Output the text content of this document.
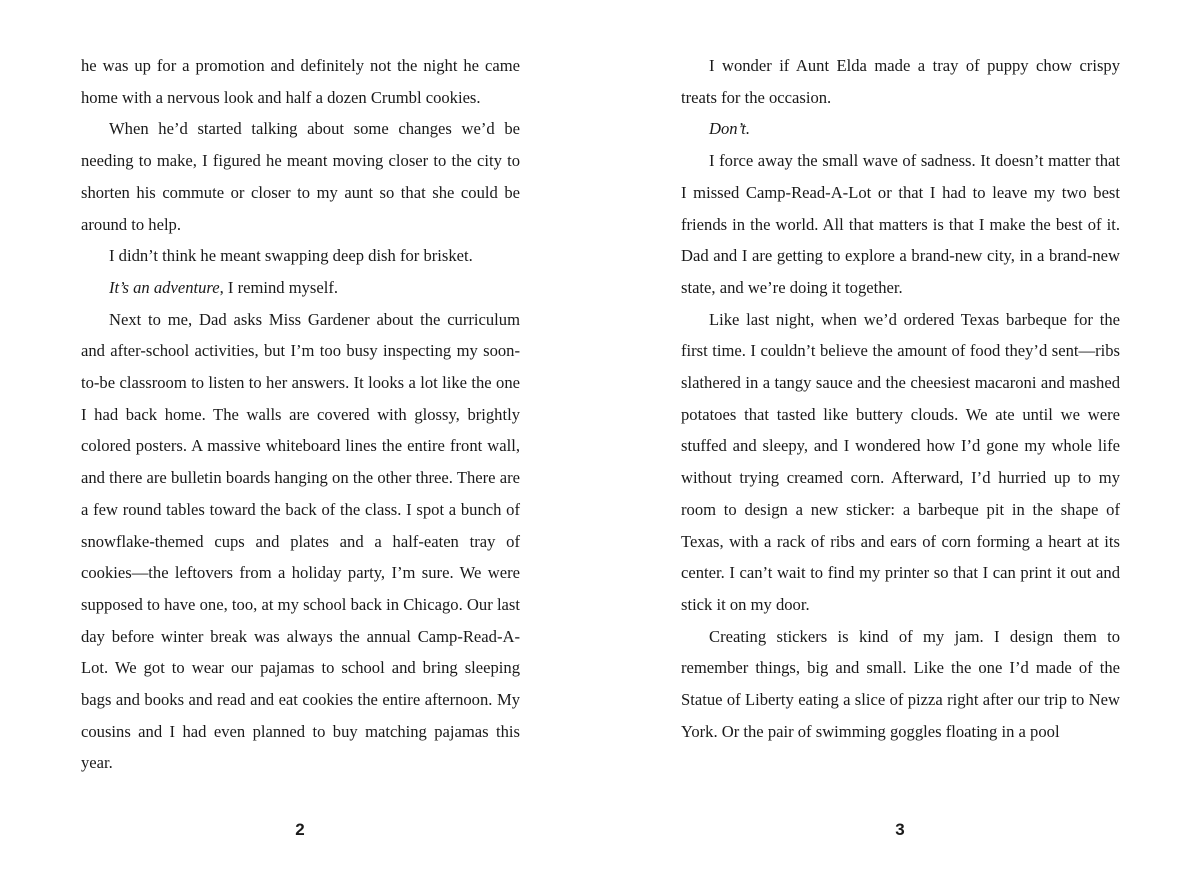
he was up for a promotion and definitely not the night he came home with a nervous look and half a dozen Crumbl cookies.

When he’d started talking about some changes we’d be needing to make, I figured he meant moving closer to the city to shorten his commute or closer to my aunt so that she could be around to help.

I didn’t think he meant swapping deep dish for brisket.

It’s an adventure, I remind myself.

Next to me, Dad asks Miss Gardener about the curriculum and after-school activities, but I’m too busy inspecting my soon-to-be classroom to listen to her answers. It looks a lot like the one I had back home. The walls are covered with glossy, brightly colored posters. A massive whiteboard lines the entire front wall, and there are bulletin boards hanging on the other three. There are a few round tables toward the back of the class. I spot a bunch of snowflake-themed cups and plates and a half-eaten tray of cookies—the leftovers from a holiday party, I’m sure. We were supposed to have one, too, at my school back in Chicago. Our last day before winter break was always the annual Camp-Read-A-Lot. We got to wear our pajamas to school and bring sleeping bags and books and read and eat cookies the entire afternoon. My cousins and I had even planned to buy matching pajamas this year.

2

I wonder if Aunt Elda made a tray of puppy chow crispy treats for the occasion.

Don’t.

I force away the small wave of sadness. It doesn’t matter that I missed Camp-Read-A-Lot or that I had to leave my two best friends in the world. All that matters is that I make the best of it. Dad and I are getting to explore a brand-new city, in a brand-new state, and we’re doing it together.

Like last night, when we’d ordered Texas barbeque for the first time. I couldn’t believe the amount of food they’d sent—ribs slathered in a tangy sauce and the cheesiest macaroni and mashed potatoes that tasted like buttery clouds. We ate until we were stuffed and sleepy, and I wondered how I’d gone my whole life without trying creamed corn. Afterward, I’d hurried up to my room to design a new sticker: a barbeque pit in the shape of Texas, with a rack of ribs and ears of corn forming a heart at its center. I can’t wait to find my printer so that I can print it out and stick it on my door.

Creating stickers is kind of my jam. I design them to remember things, big and small. Like the one I’d made of the Statue of Liberty eating a slice of pizza right after our trip to New York. Or the pair of swimming goggles floating in a pool

3
